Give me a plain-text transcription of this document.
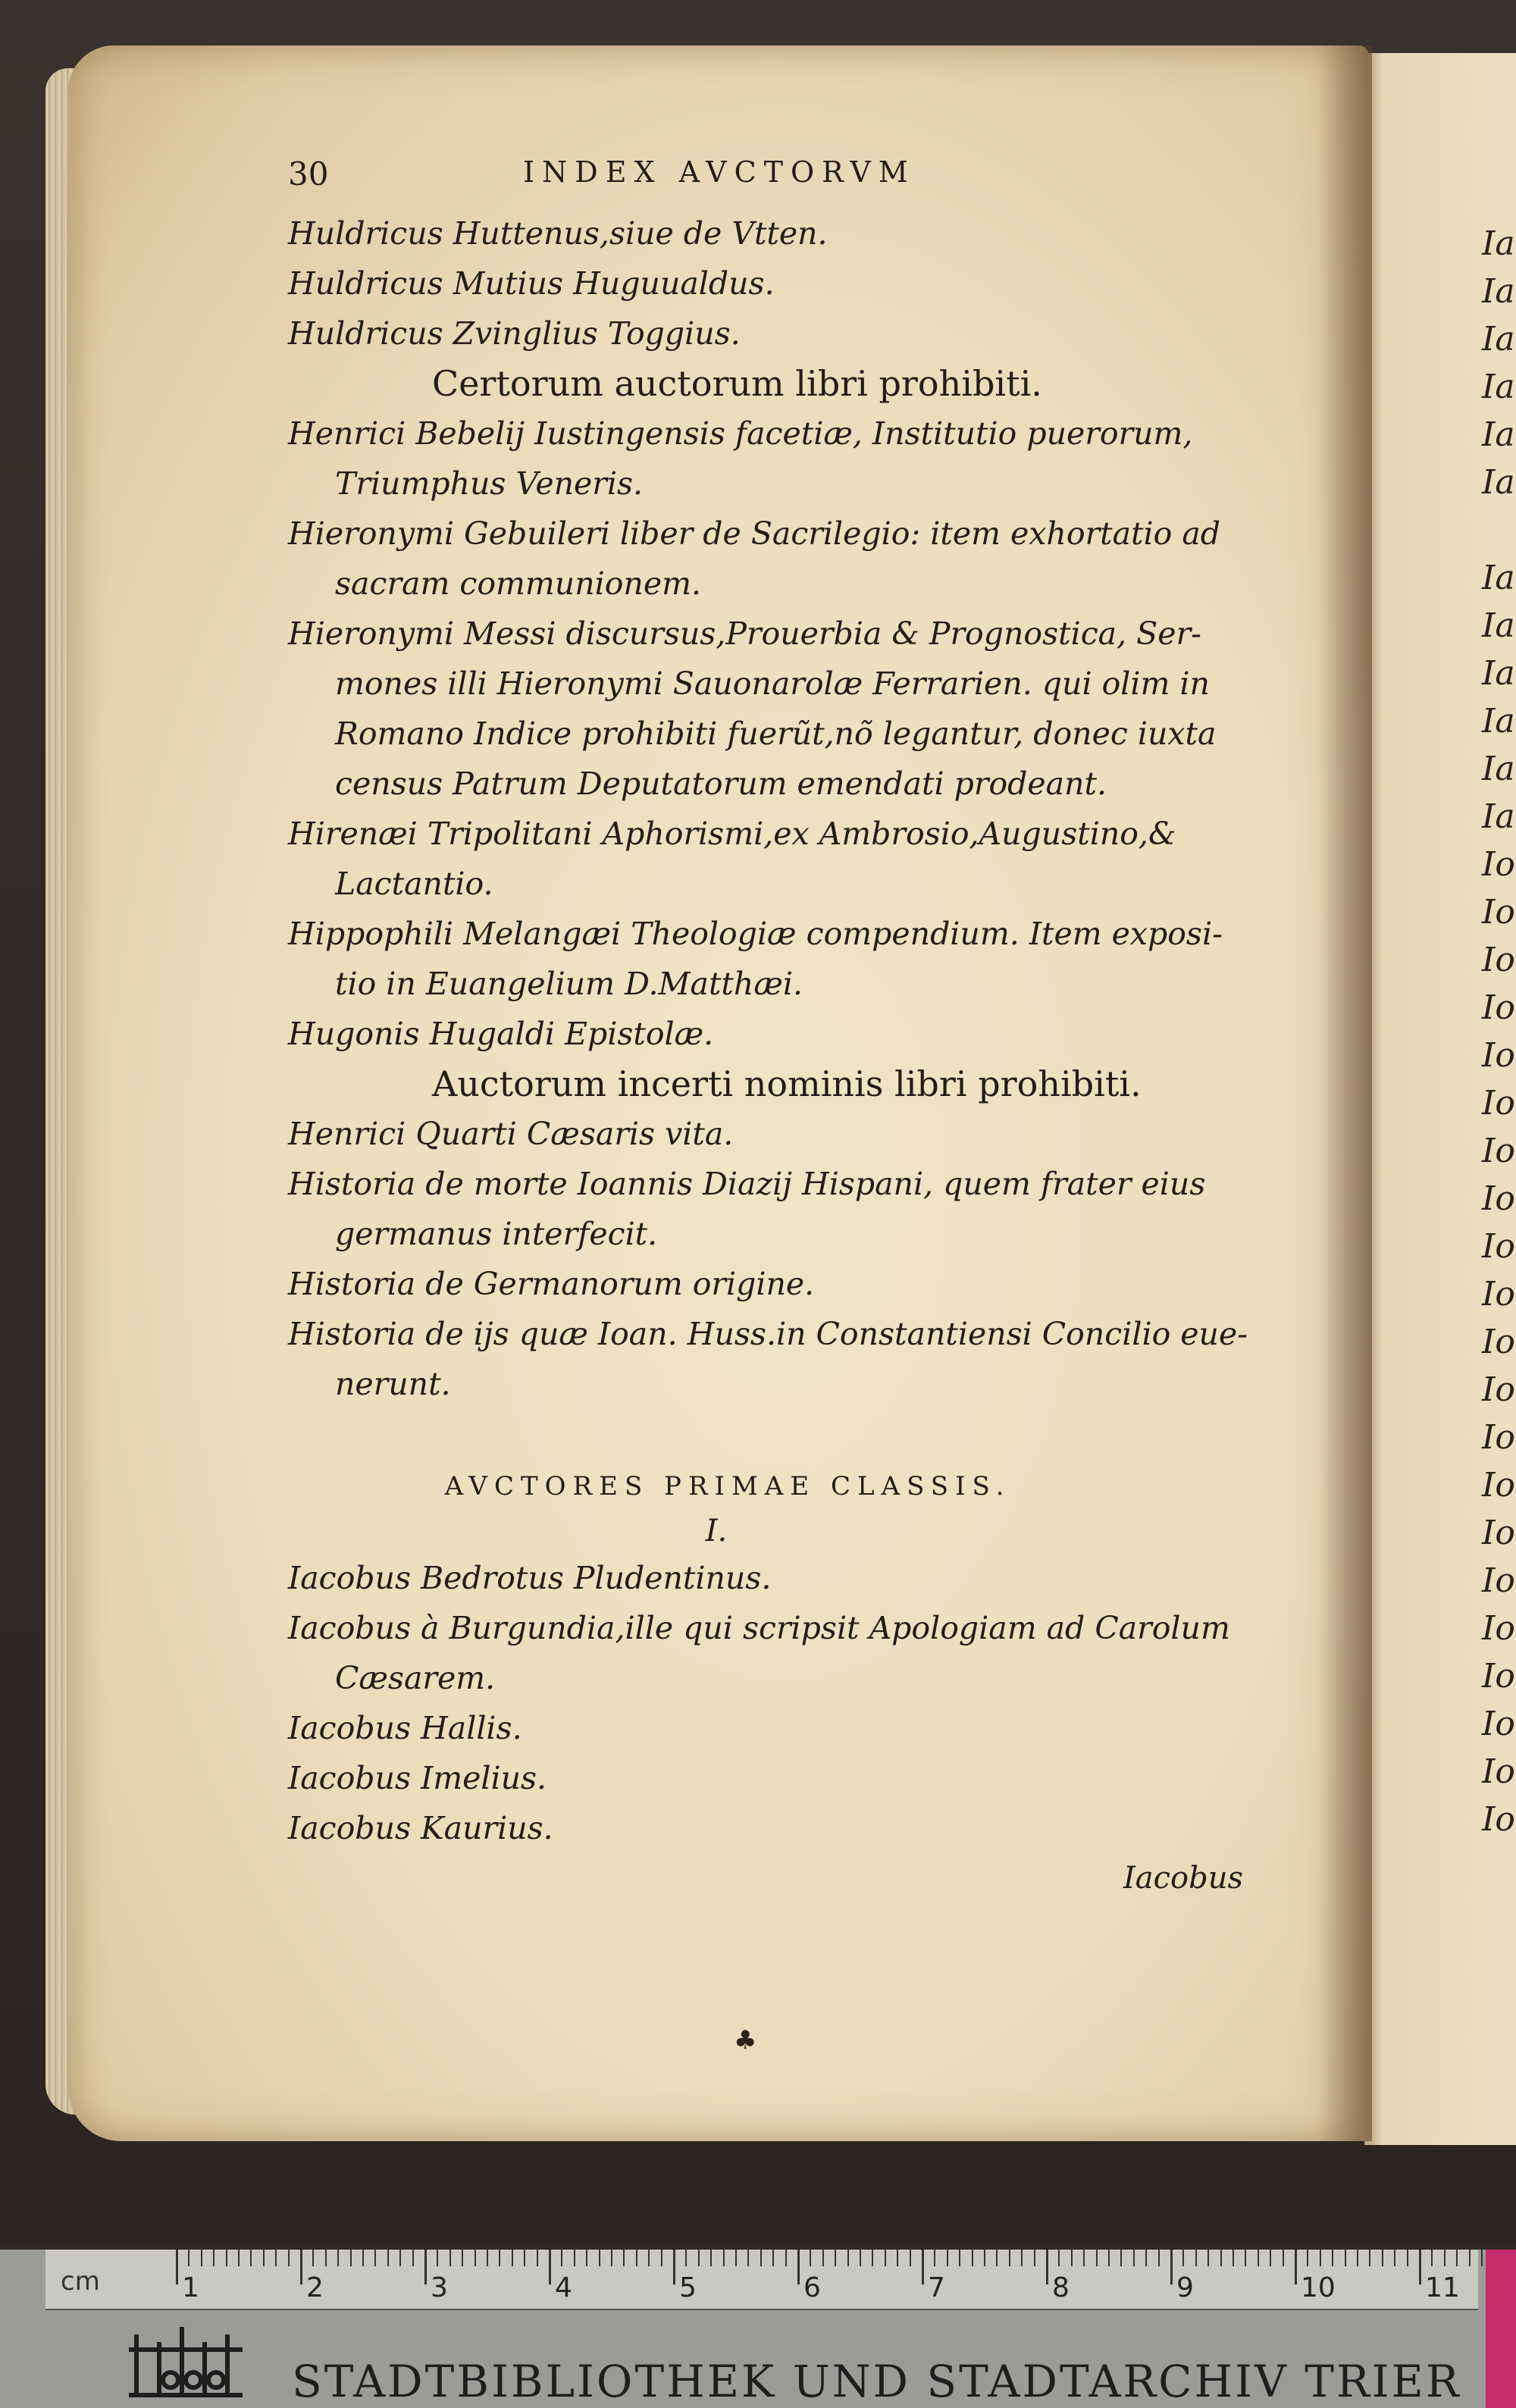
Ia
Ia
Ia
Ia
Ia
Ia
Ia
Ia
Ia
Ia
Ia
Ia
Io
Io
Io
Io
Io
Io
Io
Io
Io
Io
Io
Io
Io
Io
Io
Io
Io
Io
Io
Io
Io
30	INDEX AVCTORVM
Huldricus Huttenus,siue de Vtten.
Huldricus Mutius Huguualdus.
Huldricus Zvinglius Toggius.
Certorum auctorum libri prohibiti.
Henrici Bebelij Iustingensis facetiæ, Institutio puerorum,

Triumphus Veneris.
Hieronymi Gebuileri liber de Sacrilegio: item exhortatio ad

sacram communionem.
Hieronymi Messi discursus,Prouerbia & Prognostica, Ser-

mones illi Hieronymi Sauonarolæ Ferrarien. qui olim in
Romano Indice prohibiti fuerũt,nõ legantur, donec iuxta
census Patrum Deputatorum emendati prodeant.
Hirenæi Tripolitani Aphorismi,ex Ambrosio,Augustino,&

Lactantio.
Hippophili Melangæi Theologiæ compendium. Item exposi-

tio in Euangelium D.Matthæi.
Hugonis Hugaldi Epistolæ.
Auctorum incerti nominis libri prohibiti.
Henrici Quarti Cæsaris vita.
Historia de morte Ioannis Diazij Hispani, quem frater eius

germanus interfecit.
Historia de Germanorum origine.
Historia de ijs quæ Ioan. Huss.in Constantiensi Concilio eue-

nerunt.
AVCTORES PRIMAE CLASSIS.
I.
Iacobus Bedrotus Pludentinus.
Iacobus à Burgundia,ille qui scripsit Apologiam ad Carolum

Cæsarem.
Iacobus Hallis.
Iacobus Imelius.
Iacobus Kaurius.
Iacobus
♣
cm	1	2	3	4	5	6	7	8	9	10	11
STADTBIBLIOTHEK UND STADTARCHIV TRIER
